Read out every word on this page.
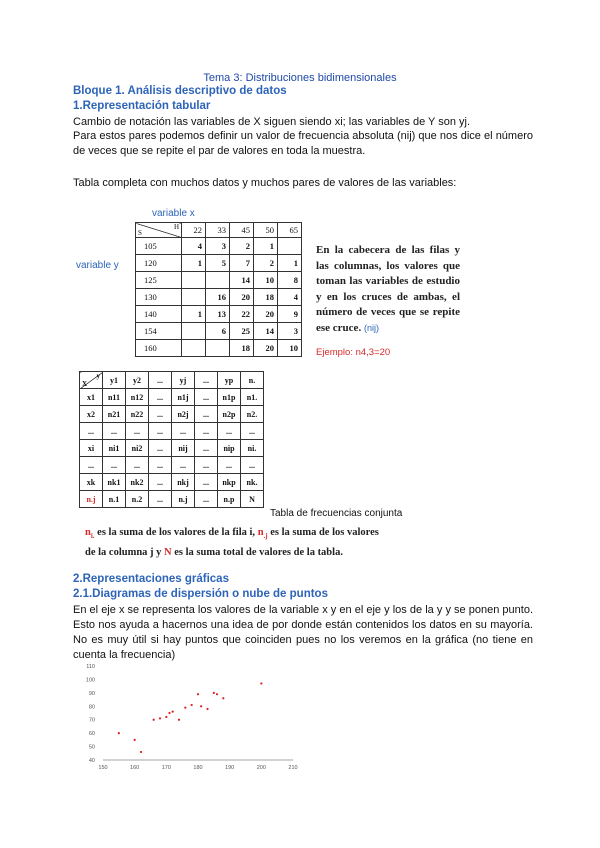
Tema 3: Distribuciones bidimensionales
Bloque 1. Análisis descriptivo de datos
1.Representación tabular
Cambio de notación las variables de X siguen siendo xi; las variables de Y son yj.
Para estos pares podemos definir un valor de frecuencia absoluta (nij) que nos dice el número de veces que se repite el par de valores en toda la muestra.
Tabla completa con muchos datos y muchos pares de valores de las variables:
variable x
variable y
S
H	22	33	45	50	65
105	4	3	2	1	
120	1	5	7	2	1
125			14	10	8
130		16	20	18	4
140	1	13	22	20	9
154		6	25	14	3
160			18	20	10
En la cabecera de las filas y las columnas, los valores que toman las variables de estudio y en los cruces de ambas, el número de veces que se repite ese cruce. (nij)
Ejemplo: n4,3=20
y
X	y1	y2	...	yj	...	yp	n.
x1	n11	n12	...	n1j	...	n1p	n1.
x2	n21	n22	...	n2j	...	n2p	n2.
...	...	...	...	...	...	...	...
xi	ni1	ni2	...	nij	...	nip	ni.
...	...	...	...	...	...	...	...
xk	nk1	nk2	...	nkj	...	nkp	nk.
n.j	n.1	n.2	...	n.j	...	n.p	N
Tabla de frecuencias conjunta
$n_{i.}$ es la suma de los valores de la fila i, $n_{.j}$ es la suma de los valores
de la columna j y N es la suma total de valores de la tabla.
2.Representaciones gráficas
2.1.Diagramas de dispersión o nube de puntos
En el eje x se representa los valores de la variable x y en el eje y los de la y y se ponen punto. Esto nos ayuda a hacernos una idea de por donde están contenidos los datos en su mayoría. No es muy útil si hay puntos que coinciden pues no los veremos en la gráfica (no tiene en cuenta la frecuencia)
150	160	170	180	190	200	210
40
50
60
70
80
90
100
110
